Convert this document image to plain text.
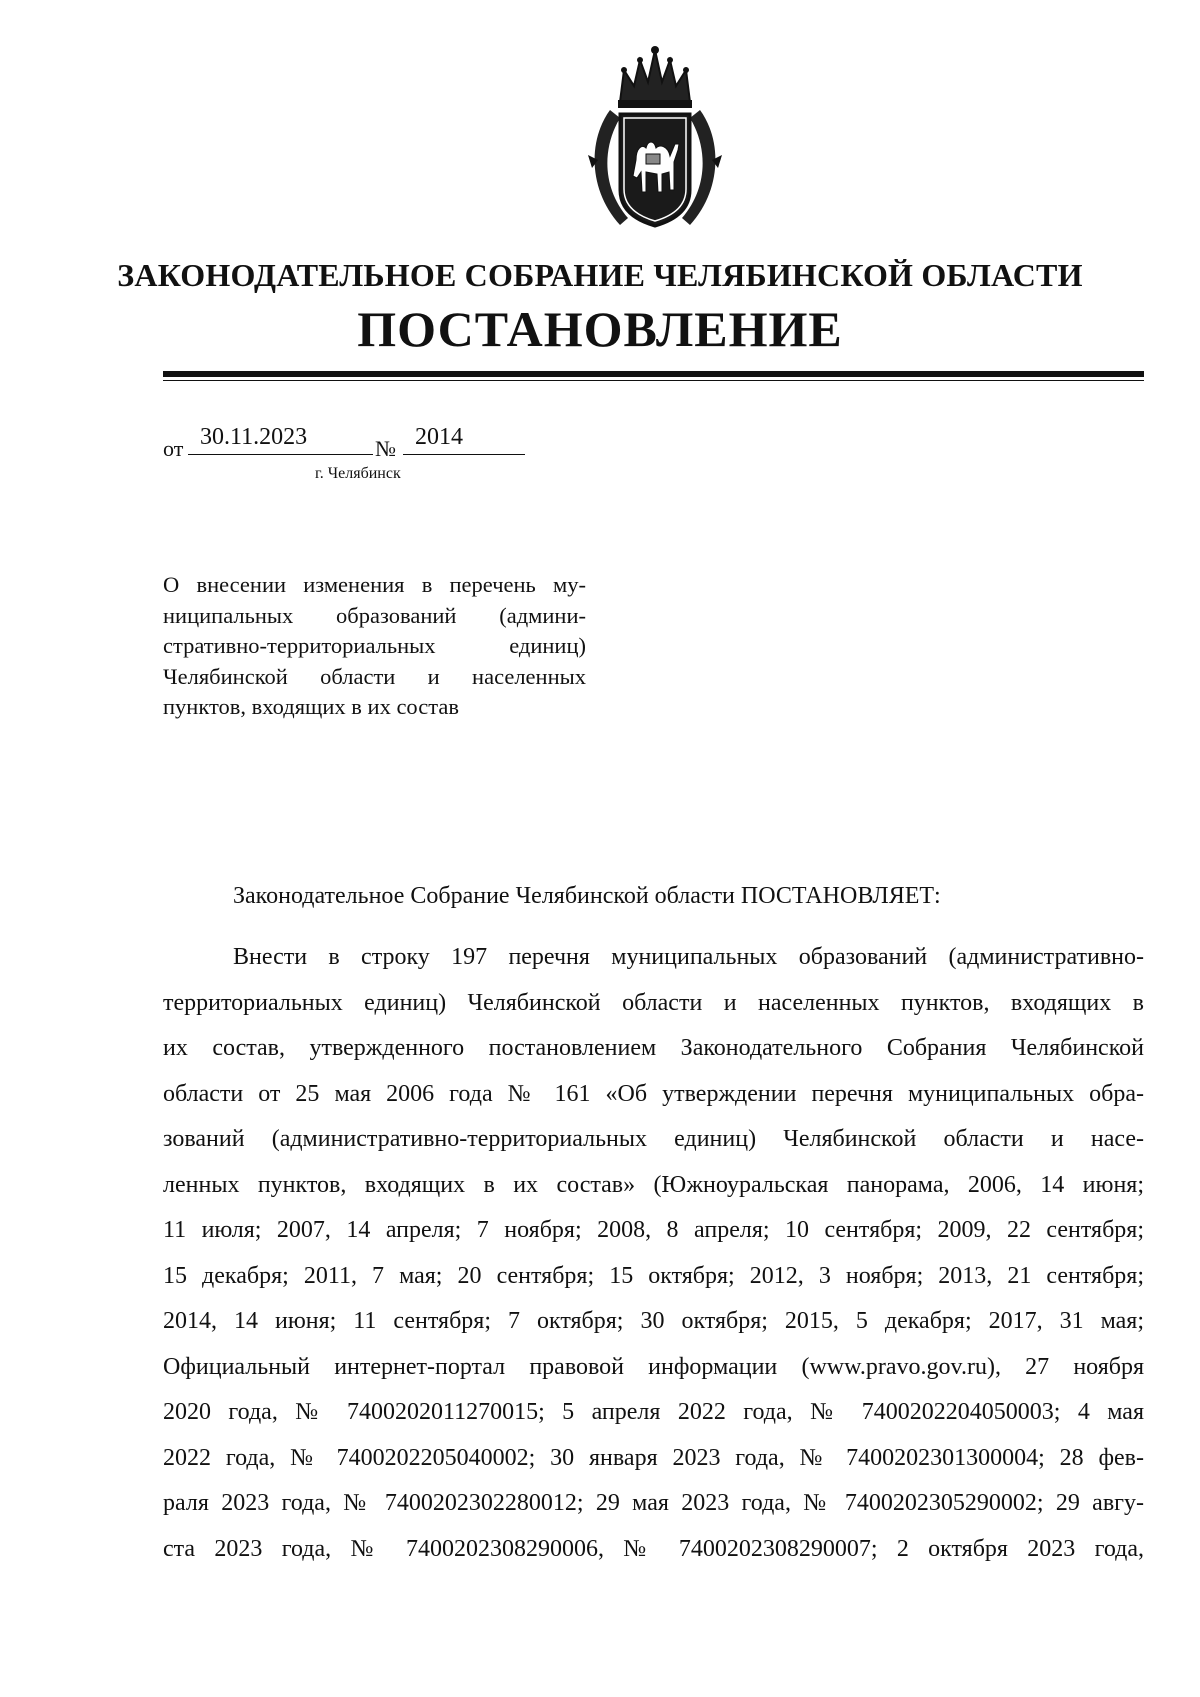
ЗАКОНОДАТЕЛЬНОЕ СОБРАНИЕ ЧЕЛЯБИНСКОЙ ОБЛАСТИ
ПОСТАНОВЛЕНИЕ
от 30.11.2023	№ 2014
г. Челябинск
О внесении изменения в перечень му-
ниципальных образований (админи-
стративно-территориальных единиц)
Челябинской области и населенных
пунктов, входящих в их состав
Законодательное Собрание Челябинской области ПОСТАНОВЛЯЕТ:
Внести в строку 197 перечня муниципальных образований (административно-
территориальных единиц) Челябинской области и населенных пунктов, входящих в
их состав, утвержденного постановлением Законодательного Собрания Челябинской
области от 25 мая 2006 года № 161 «Об утверждении перечня муниципальных обра-
зований (административно-территориальных единиц) Челябинской области и насе-
ленных пунктов, входящих в их состав» (Южноуральская панорама, 2006, 14 июня;
11 июля; 2007, 14 апреля; 7 ноября; 2008, 8 апреля; 10 сентября; 2009, 22 сентября;
15 декабря; 2011, 7 мая; 20 сентября; 15 октября; 2012, 3 ноября; 2013, 21 сентября;
2014, 14 июня; 11 сентября; 7 октября; 30 октября; 2015, 5 декабря; 2017, 31 мая;
Официальный интернет-портал правовой информации (www.pravo.gov.ru), 27 ноября
2020 года, № 7400202011270015; 5 апреля 2022 года, № 7400202204050003; 4 мая
2022 года, № 7400202205040002; 30 января 2023 года, № 7400202301300004; 28 фев-
раля 2023 года, № 7400202302280012; 29 мая 2023 года, № 7400202305290002; 29 авгу-
ста 2023 года, № 7400202308290006, № 7400202308290007; 2 октября 2023 года,
